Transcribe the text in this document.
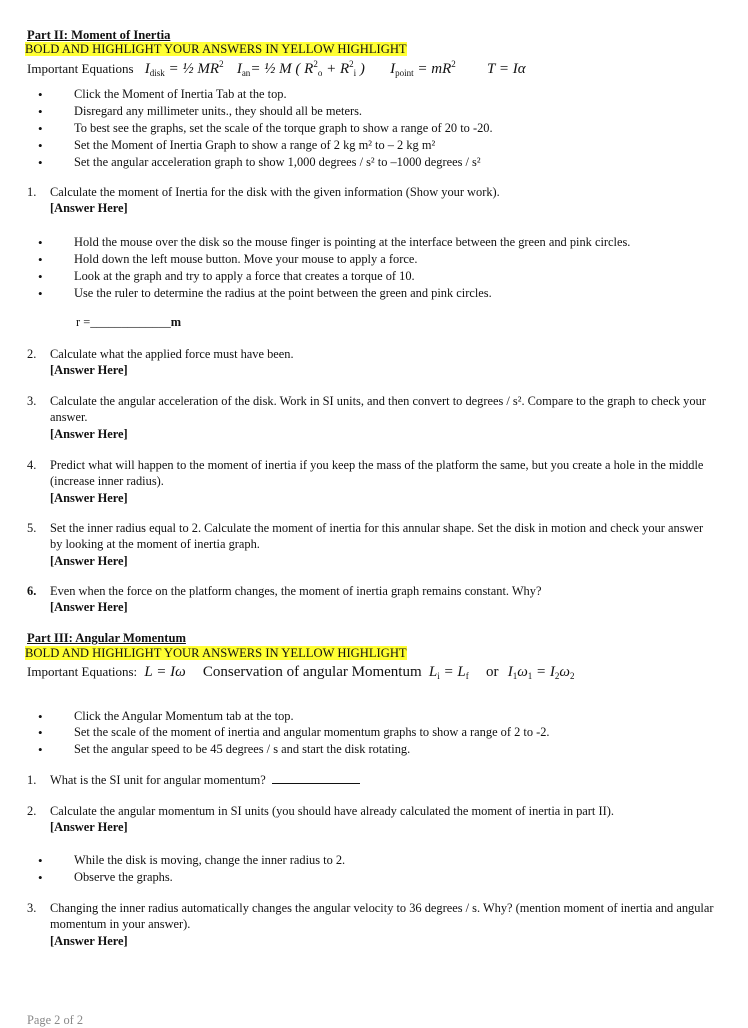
Part II: Moment of Inertia
BOLD AND HIGHLIGHT YOUR ANSWERS IN YELLOW HIGHLIGHT
Important Equations $I_{disk}$ = ½ $MR^2$ $I_{an}=$ ½ M ( $R^2_o + R^2_i$ ) $I_{point} = mR^2$ T = Iα
•	Click the Moment of Inertia Tab at the top.
•	Disregard any millimeter units., they should all be meters.
•	To best see the graphs, set the scale of the torque graph to show a range of 20 to -20.
•	Set the Moment of Inertia Graph to show a range of 2 kg m² to – 2 kg m²
•	Set the angular acceleration graph to show 1,000 degrees / s² to –1000 degrees / s²
1. Calculate the moment of Inertia for the disk with the given information (Show your work).
[Answer Here]
•	Hold the mouse over the disk so the mouse finger is pointing at the interface between the green and pink circles.
•	Hold down the left mouse button. Move your mouse to apply a force.
•	Look at the graph and try to apply a force that creates a torque of 10.
•	Use the ruler to determine the radius at the point between the green and pink circles.
r =_____________m
2. Calculate what the applied force must have been.
[Answer Here]
3. Calculate the angular acceleration of the disk. Work in SI units, and then convert to degrees / s². Compare to the graph to check your answer.
[Answer Here]
4. Predict what will happen to the moment of inertia if you keep the mass of the platform the same, but you create a hole in the middle (increase inner radius).
[Answer Here]
5. Set the inner radius equal to 2. Calculate the moment of inertia for this annular shape. Set the disk in motion and check your answer by looking at the moment of inertia graph.
[Answer Here]
6. Even when the force on the platform changes, the moment of inertia graph remains constant. Why?
[Answer Here]
Part III: Angular Momentum
BOLD AND HIGHLIGHT YOUR ANSWERS IN YELLOW HIGHLIGHT
Important Equations: L = Iω Conservation of angular Momentum $L_i = L_f$ or $I_1\omega_1 = I_2\omega_2$
•	Click the Angular Momentum tab at the top.
•	Set the scale of the moment of inertia and angular momentum graphs to show a range of 2 to -2.
•	Set the angular speed to be 45 degrees / s and start the disk rotating.
1. What is the SI unit for angular momentum?
2. Calculate the angular momentum in SI units (you should have already calculated the moment of inertia in part II).
[Answer Here]
•	While the disk is moving, change the inner radius to 2.
•	Observe the graphs.
3. Changing the inner radius automatically changes the angular velocity to 36 degrees / s. Why? (mention moment of inertia and angular momentum in your answer).
[Answer Here]
Page 2 of 2
